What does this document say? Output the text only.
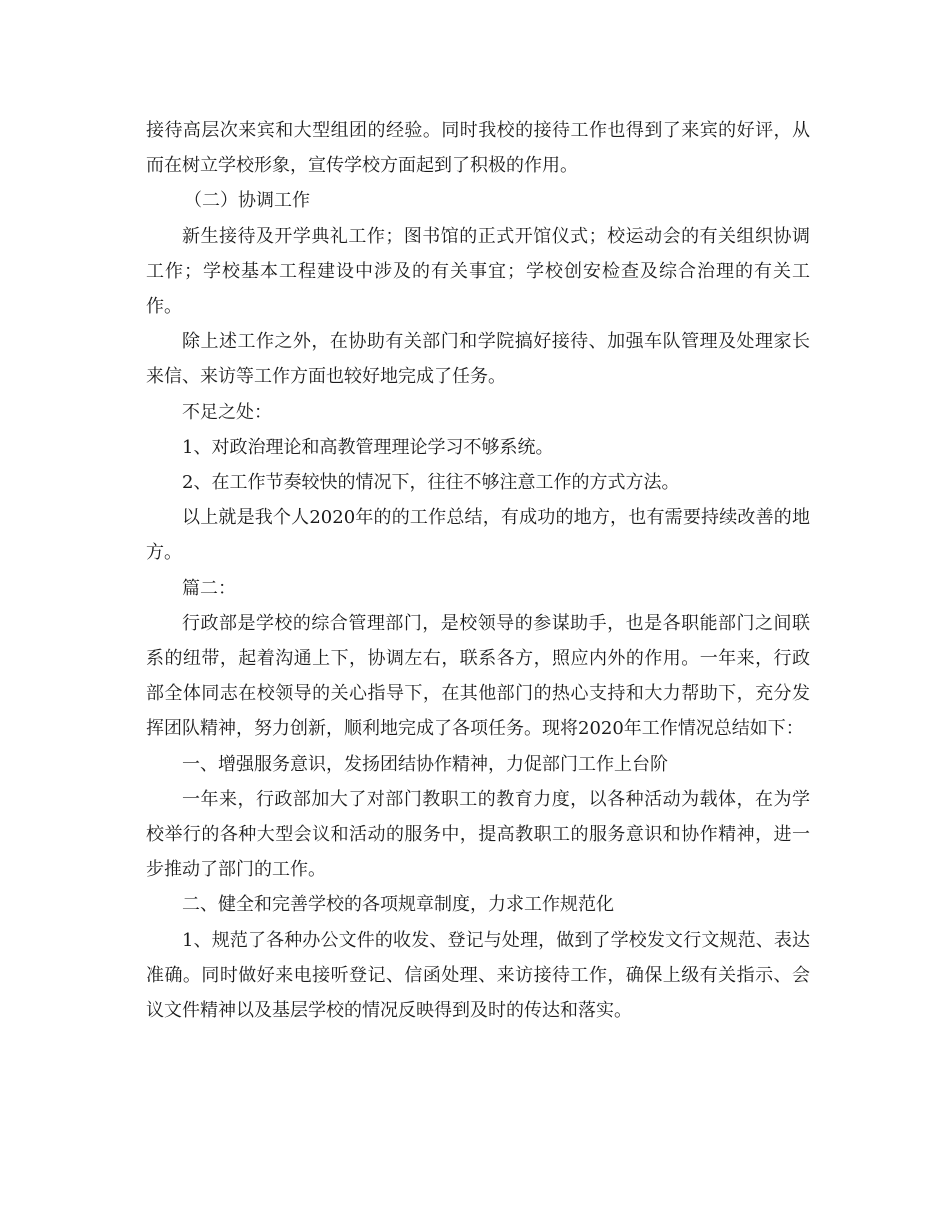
接待高层次来宾和大型组团的经验。同时我校的接待工作也得到了来宾的好评，从而在树立学校形象，宣传学校方面起到了积极的作用。

（二）协调工作

新生接待及开学典礼工作；图书馆的正式开馆仪式；校运动会的有关组织协调工作；学校基本工程建设中涉及的有关事宜；学校创安检查及综合治理的有关工作。

除上述工作之外，在协助有关部门和学院搞好接待、加强车队管理及处理家长来信、来访等工作方面也较好地完成了任务。

不足之处：

1、对政治理论和高教管理理论学习不够系统。

2、在工作节奏较快的情况下，往往不够注意工作的方式方法。

以上就是我个人2020年的的工作总结，有成功的地方，也有需要持续改善的地方。

篇二：

行政部是学校的综合管理部门，是校领导的参谋助手，也是各职能部门之间联系的纽带，起着沟通上下，协调左右，联系各方，照应内外的作用。一年来，行政部全体同志在校领导的关心指导下，在其他部门的热心支持和大力帮助下，充分发挥团队精神，努力创新，顺利地完成了各项任务。现将2020年工作情况总结如下：

一、增强服务意识，发扬团结协作精神，力促部门工作上台阶

一年来，行政部加大了对部门教职工的教育力度，以各种活动为载体，在为学校举行的各种大型会议和活动的服务中，提高教职工的服务意识和协作精神，进一步推动了部门的工作。

二、健全和完善学校的各项规章制度，力求工作规范化

1、规范了各种办公文件的收发、登记与处理，做到了学校发文行文规范、表达准确。同时做好来电接听登记、信函处理、来访接待工作，确保上级有关指示、会议文件精神以及基层学校的情况反映得到及时的传达和落实。
